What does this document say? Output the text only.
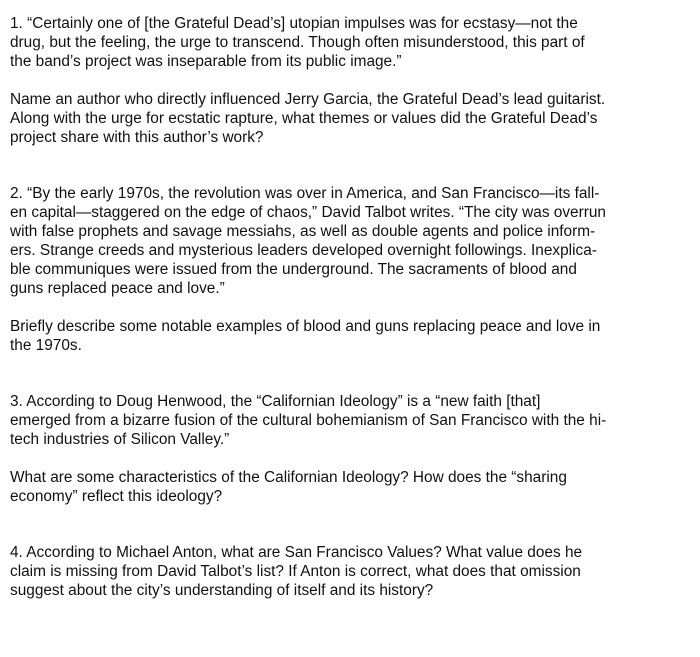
1. “Certainly one of [the Grateful Dead’s] utopian impulses was for ecstasy—not the
drug, but the feeling, the urge to transcend. Though often misunderstood, this part of
the band’s project was inseparable from its public image.”
Name an author who directly influenced Jerry Garcia, the Grateful Dead’s lead guitarist.
Along with the urge for ecstatic rapture, what themes or values did the Grateful Dead’s
project share with this author’s work?
2. “By the early 1970s, the revolution was over in America, and San Francisco—its fall-
en capital—staggered on the edge of chaos,” David Talbot writes. “The city was overrun
with false prophets and savage messiahs, as well as double agents and police inform-
ers. Strange creeds and mysterious leaders developed overnight followings. Inexplica-
ble communiques were issued from the underground. The sacraments of blood and
guns replaced peace and love.”
Briefly describe some notable examples of blood and guns replacing peace and love in
the 1970s.
3. According to Doug Henwood, the “Californian Ideology” is a “new faith [that]
emerged from a bizarre fusion of the cultural bohemianism of San Francisco with the hi-
tech industries of Silicon Valley.”
What are some characteristics of the Californian Ideology? How does the “sharing
economy” reflect this ideology?
4. According to Michael Anton, what are San Francisco Values? What value does he
claim is missing from David Talbot’s list? If Anton is correct, what does that omission
suggest about the city’s understanding of itself and its history?
